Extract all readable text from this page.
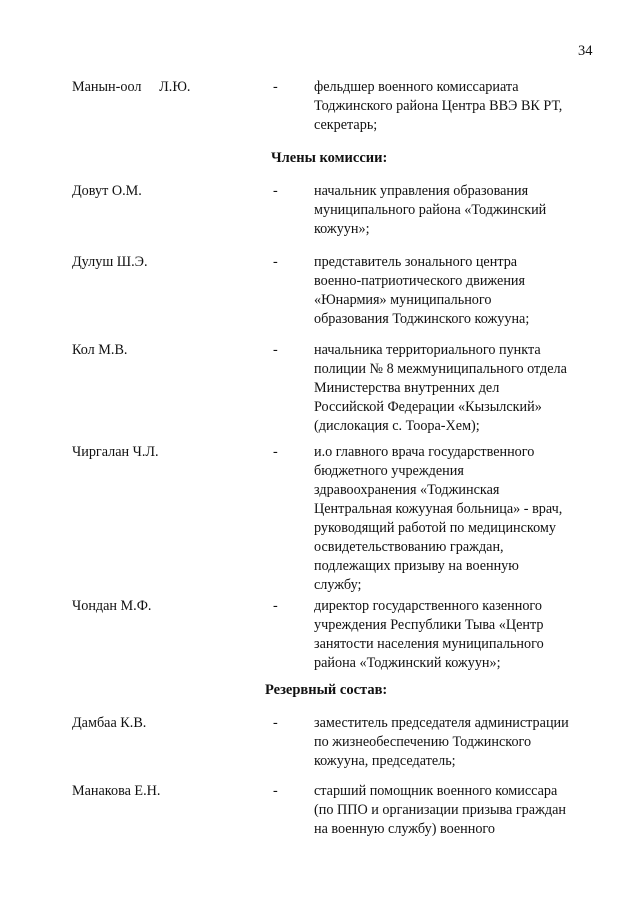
34
Манын-оол     Л.Ю.	-	фельдшер военного комиссариата
Тоджинского района Центра ВВЭ ВК РТ,
секретарь;
Члены комиссии:
Довут О.М.	-	начальник управления образования
муниципального района «Тоджинский
кожуун»;
Дулуш Ш.Э.	-	представитель зонального центра
военно-патриотического движения
«Юнармия» муниципального
образования Тоджинского кожууна;
Кол М.В.	-	начальника территориального пункта
полиции № 8 межмуниципального отдела
Министерства внутренних дел
Российской Федерации «Кызылский»
(дислокация с. Тоора-Хем);
Чиргалан Ч.Л.	-	и.о главного врача государственного
бюджетного учреждения
здравоохранения «Тоджинская
Центральная кожууная больница» - врач,
руководящий работой по медицинскому
освидетельствованию граждан,
подлежащих призыву на военную
службу;
Чондан М.Ф.	-	директор государственного казенного
учреждения Республики Тыва «Центр
занятости населения муниципального
района «Тоджинский кожуун»;
Резервный состав:
Дамбаа К.В.	-	заместитель председателя администрации
по жизнеобеспечению Тоджинского
кожууна, председатель;
Манакова Е.Н.	-	старший помощник военного комиссара
(по ППО и организации призыва граждан
на военную службу) военного
